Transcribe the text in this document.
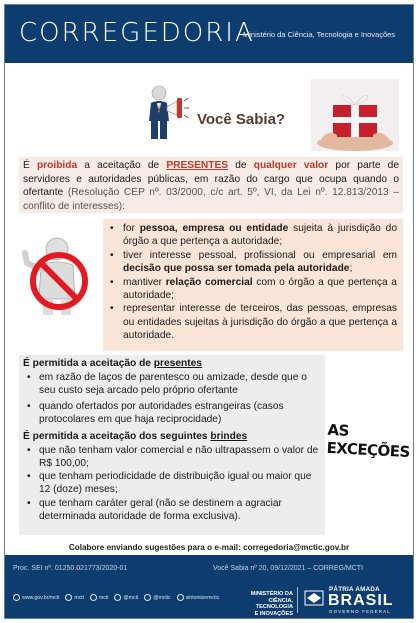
CORREGEDORIA
Ministério da Ciência, Tecnologia e Inovações
Você Sabia?
É proibida a aceitação de PRESENTES de qualquer valor por parte de servidores e autoridades públicas, em razão do cargo que ocupa quando o ofertante (Resolução CEP nº. 03/2000, c/c art. 5º, VI, da Lei nº. 12.813/2013 – conflito de interesses):
• for pessoa, empresa ou entidade sujeita à jurisdição do órgão a que pertença a autoridade;
• tiver interesse pessoal, profissional ou empresarial em decisão que possa ser tomada pela autoridade;
• mantiver relação comercial com o órgão a que pertença a autoridade;
• representar interesse de terceiros, das pessoas, empresas ou entidades sujeitas à jurisdição do órgão a que pertença a autoridade.
É permitida a aceitação de presentes
• em razão de laços de parentesco ou amizade, desde que o seu custo seja arcado pelo próprio ofertante
• quando ofertados por autoridades estrangeiras (casos protocolares em que haja reciprocidade)
É permitida a aceitação dos seguintes brindes
• que não tenham valor comercial e não ultrapassem o valor de R$ 100,00;
• que tenham periodicidade de distribuição igual ou maior que 12 (doze) meses;
• que tenham caráter geral (não se destinem a agraciar determinada autoridade de forma exclusiva).
AS EXCEÇÕES
Colabore enviando sugestões para o e-mail: corregedoria@mctic.gov.br
Proc. SEI nº. 01250.021773/2020-01	Você Sabia nº 20, 09/12/2021 – CORREG/MCTI
www.gov.br/mcti	mcti	mcti	@mcti	@mctic	sintoniizemctic
MINISTÉRIO DA
CIÊNCIA, TECNOLOGIA
E INOVAÇÕES
PÁTRIA AMADA
BRASIL
GOVERNO FEDERAL
